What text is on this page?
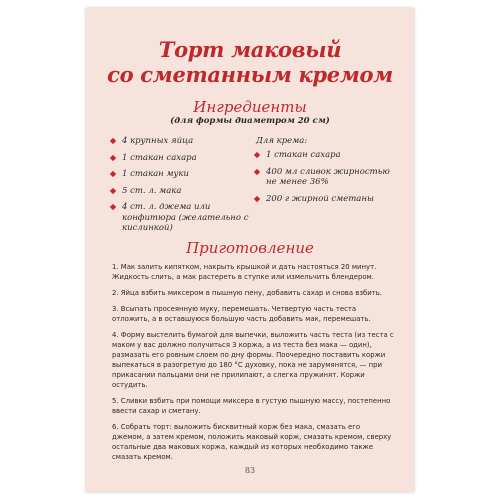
Торт маковый
со сметанным кремом
Ингредиенты
(для формы диаметром 20 см)
4 крупных яйца
1 стакан сахара
1 стакан муки
5 ст. л. мака
4 ст. л. джема или конфитюра (желательно с кислинкой)
Для крема:
1 стакан сахара
400 мл сливок жирностью не менее 36%
200 г жирной сметаны
Приготовление

1. Мак залить кипятком, накрыть крышкой и дать настояться 20 минут. Жидкость слить, а мак растереть в ступке или измельчить блендером.

2. Яйца взбить миксером в пышную пену, добавить сахар и снова взбить.

3. Всыпать просеянную муку, перемешать. Четвертую часть теста отложить, а в оставшуюся большую часть добавить мак, перемешать.

4. Форму выстелить бумагой для выпечки, выложить часть теста (из теста с маком у вас должно получиться 3 коржа, а из теста без мака — один), размазать его ровным слоем по дну формы. Поочередно поставить коржи выпекаться в разогретую до 180 °С духовку, пока не зарумянятся, — при прикасании пальцами они не прилипают, а слегка пружинят. Коржи остудить.

5. Сливки взбить при помощи миксера в густую пышную массу, постепенно ввести сахар и сметану.

6. Собрать торт: выложить бисквитный корж без мака, смазать его джемом, а затем кремом, положить маковый корж, смазать кремом, сверху остальные два маковых коржа, каждый из которых необходимо также смазать кремом.

83
